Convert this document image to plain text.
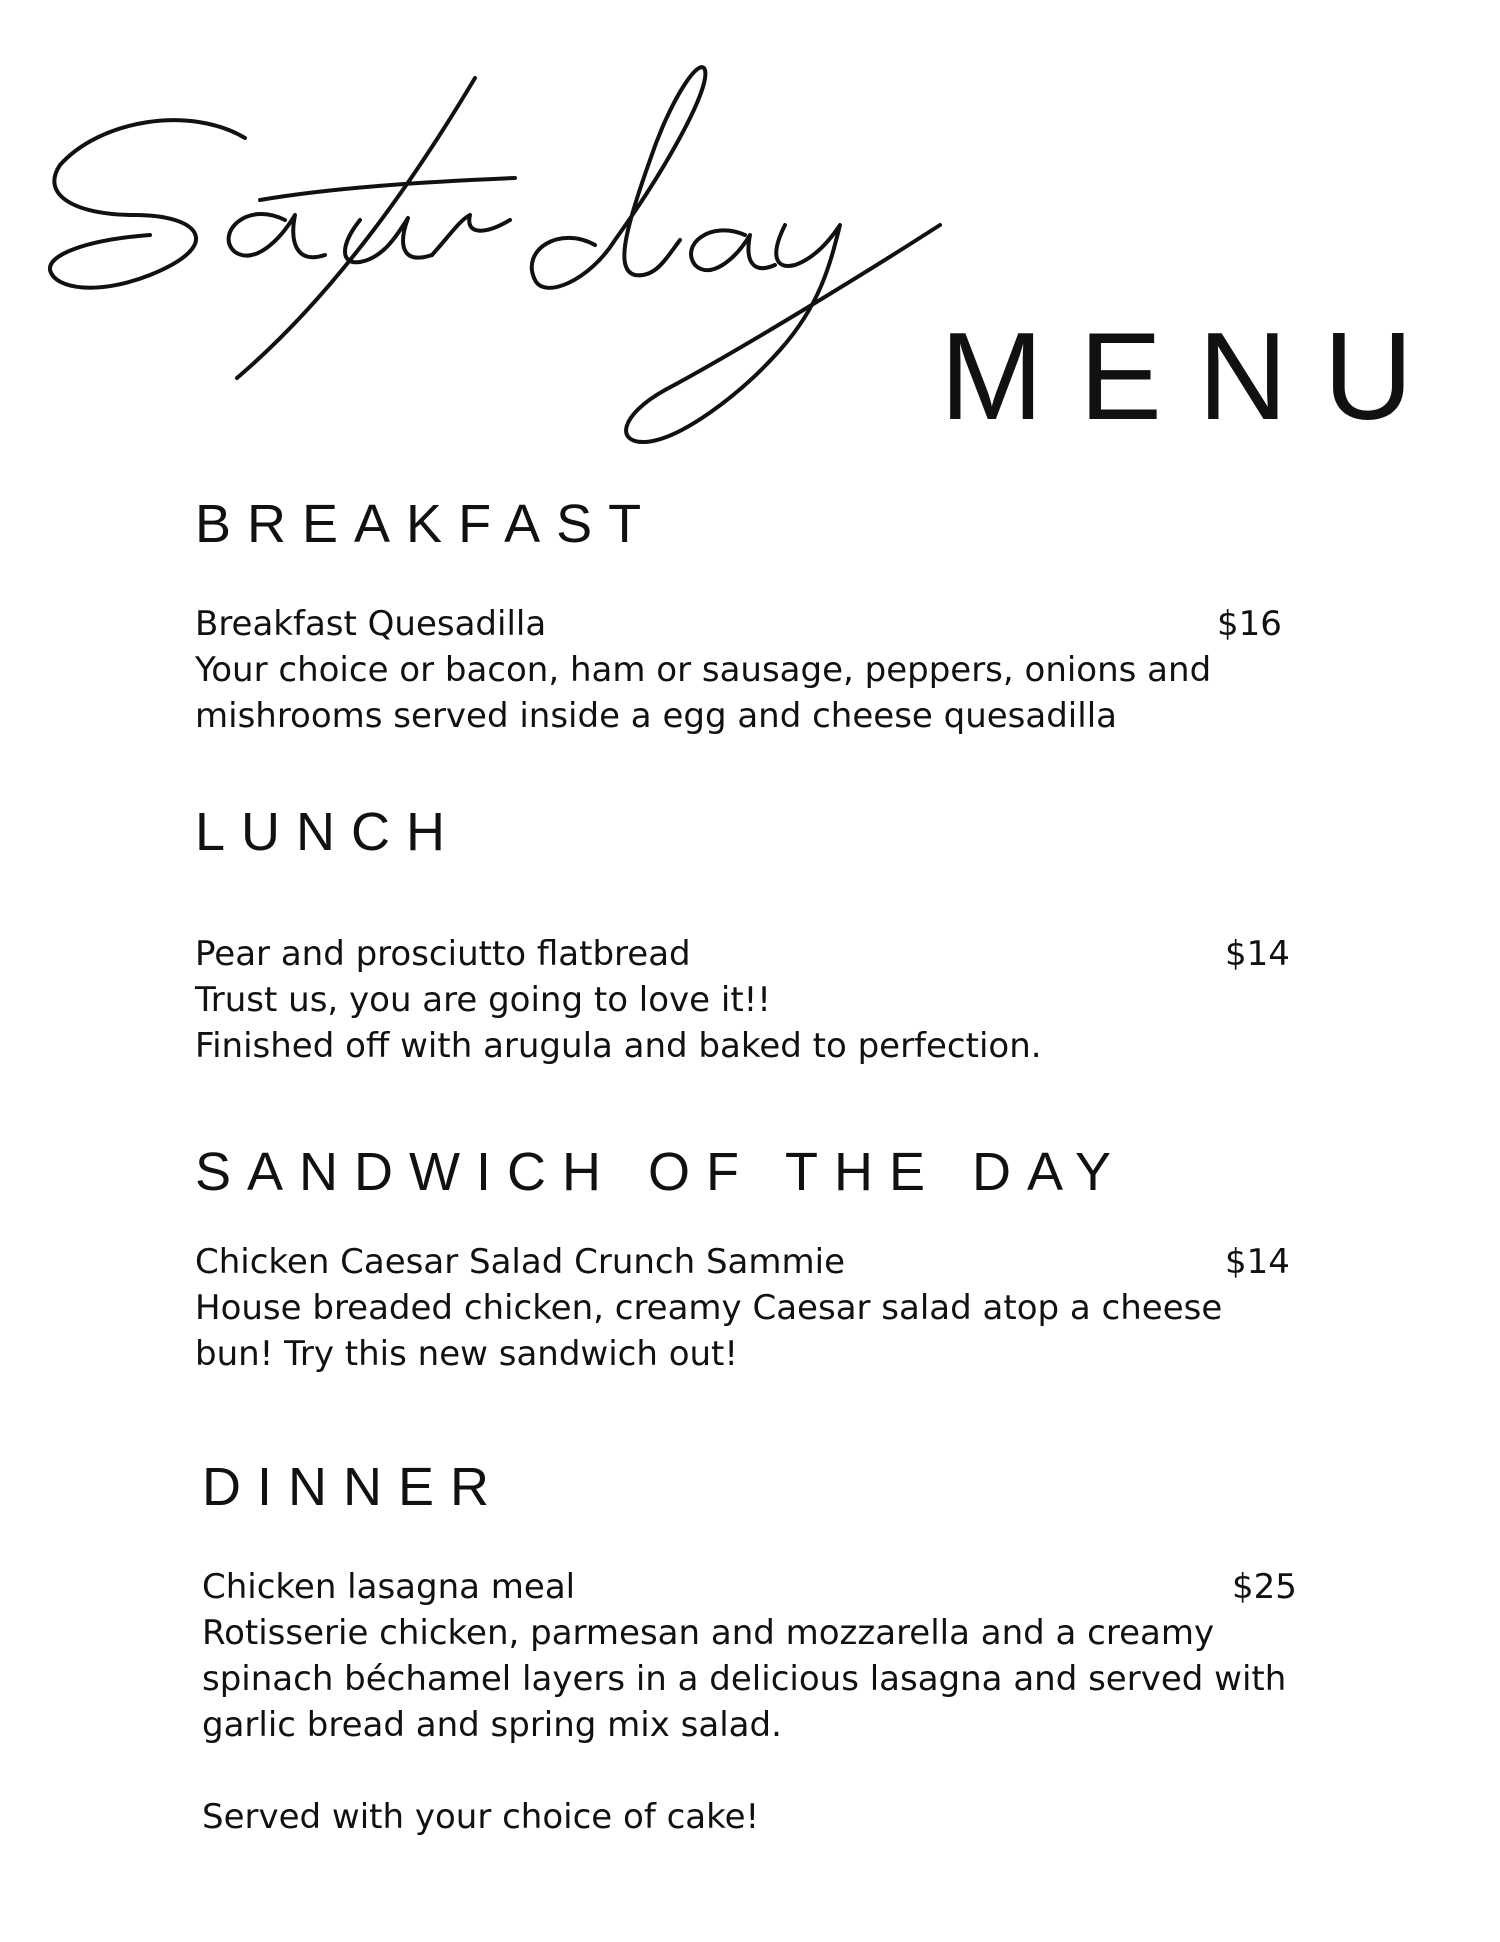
MENU
BREAKFAST
Breakfast Quesadilla	$16

Your choice or bacon, ham or sausage, peppers, onions and
mishrooms served inside a egg and cheese quesadilla

LUNCH
Pear and prosciutto flatbread	$14

Trust us, you are going to love it!!
Finished off with arugula and baked to perfection.

SANDWICH OF THE DAY
Chicken Caesar Salad Crunch Sammie	$14

House breaded chicken, creamy Caesar salad atop a cheese
bun! Try this new sandwich out!

DINNER
Chicken lasagna meal	$25

Rotisserie chicken, parmesan and mozzarella and a creamy
spinach béchamel layers in a delicious lasagna and served with
garlic bread and spring mix salad.

Served with your choice of cake!
